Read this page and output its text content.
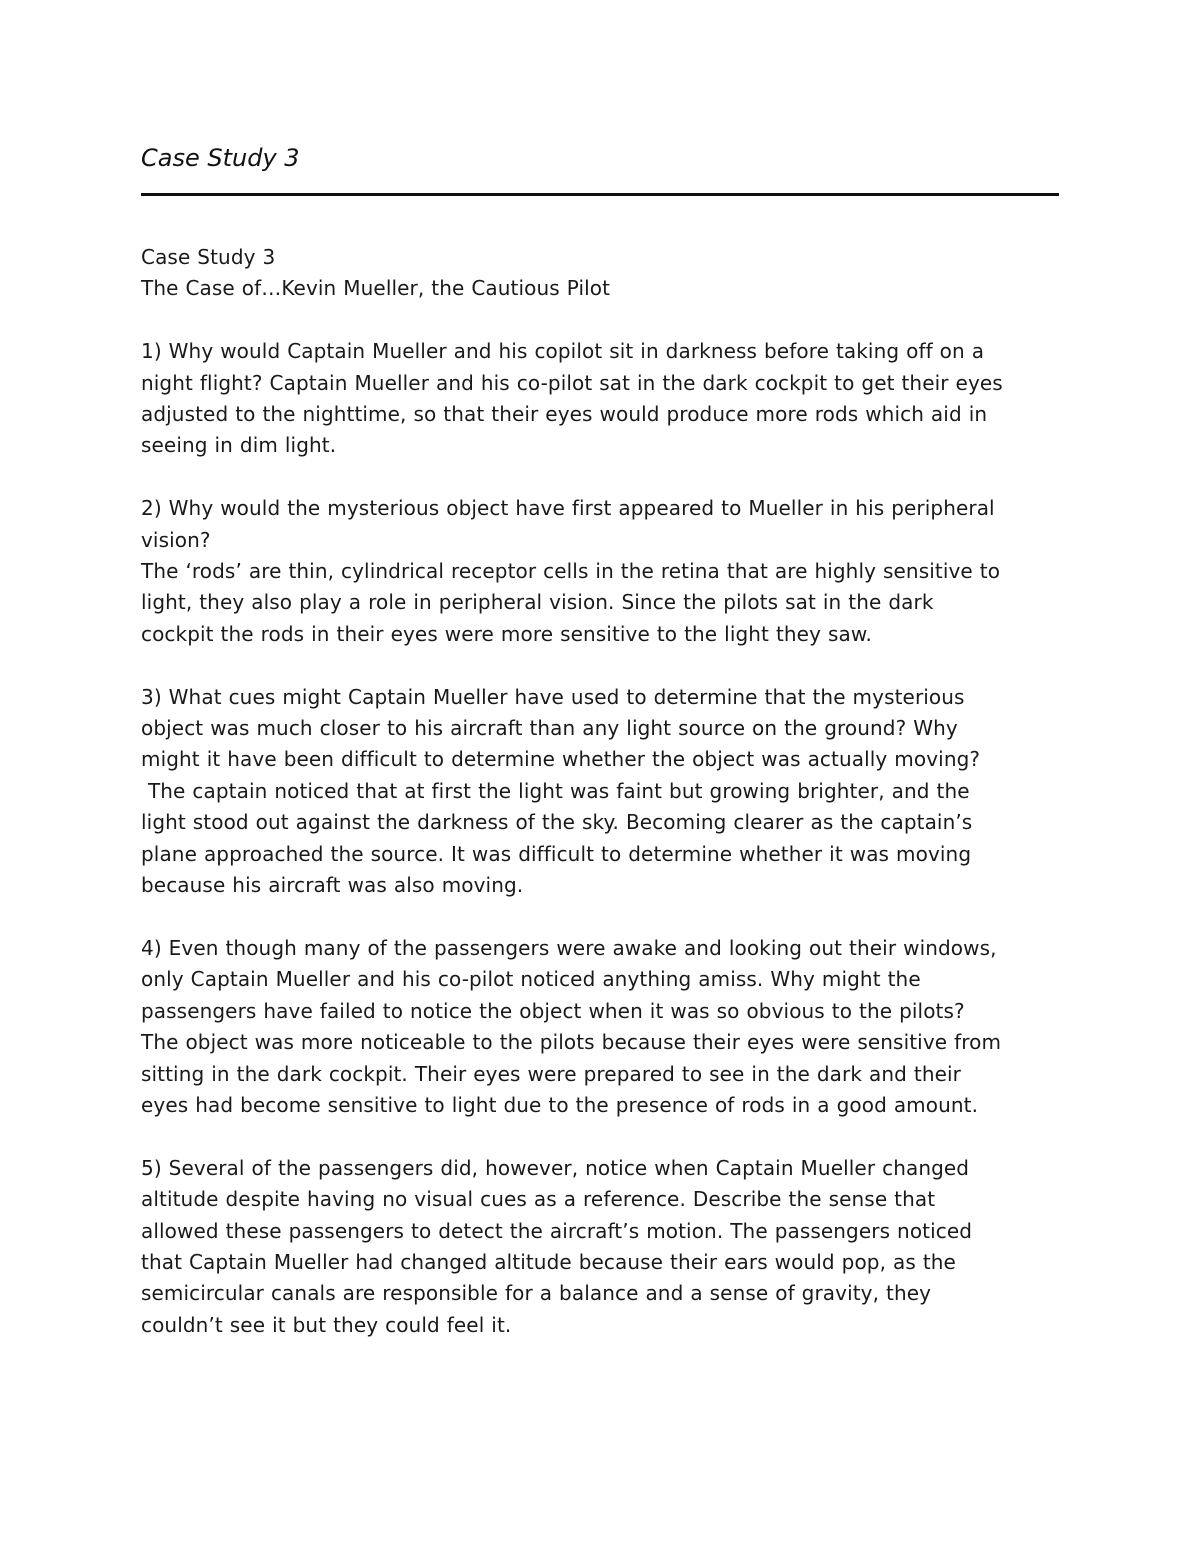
Case Study 3

Case Study 3

The Case of…Kevin Mueller, the Cautious Pilot

1) Why would Captain Mueller and his copilot sit in darkness before taking off on a

night flight? Captain Mueller and his co-pilot sat in the dark cockpit to get their eyes

adjusted to the nighttime, so that their eyes would produce more rods which aid in

seeing in dim light.

2) Why would the mysterious object have first appeared to Mueller in his peripheral

vision?

The ‘rods’ are thin, cylindrical receptor cells in the retina that are highly sensitive to

light, they also play a role in peripheral vision. Since the pilots sat in the dark

cockpit the rods in their eyes were more sensitive to the light they saw.

3) What cues might Captain Mueller have used to determine that the mysterious

object was much closer to his aircraft than any light source on the ground? Why

might it have been difficult to determine whether the object was actually moving?

The captain noticed that at first the light was faint but growing brighter, and the

light stood out against the darkness of the sky. Becoming clearer as the captain’s

plane approached the source. It was difficult to determine whether it was moving

because his aircraft was also moving.

4) Even though many of the passengers were awake and looking out their windows,

only Captain Mueller and his co-pilot noticed anything amiss. Why might the

passengers have failed to notice the object when it was so obvious to the pilots?

The object was more noticeable to the pilots because their eyes were sensitive from

sitting in the dark cockpit. Their eyes were prepared to see in the dark and their

eyes had become sensitive to light due to the presence of rods in a good amount.

5) Several of the passengers did, however, notice when Captain Mueller changed

altitude despite having no visual cues as a reference. Describe the sense that

allowed these passengers to detect the aircraft’s motion. The passengers noticed

that Captain Mueller had changed altitude because their ears would pop, as the

semicircular canals are responsible for a balance and a sense of gravity, they

couldn’t see it but they could feel it.
